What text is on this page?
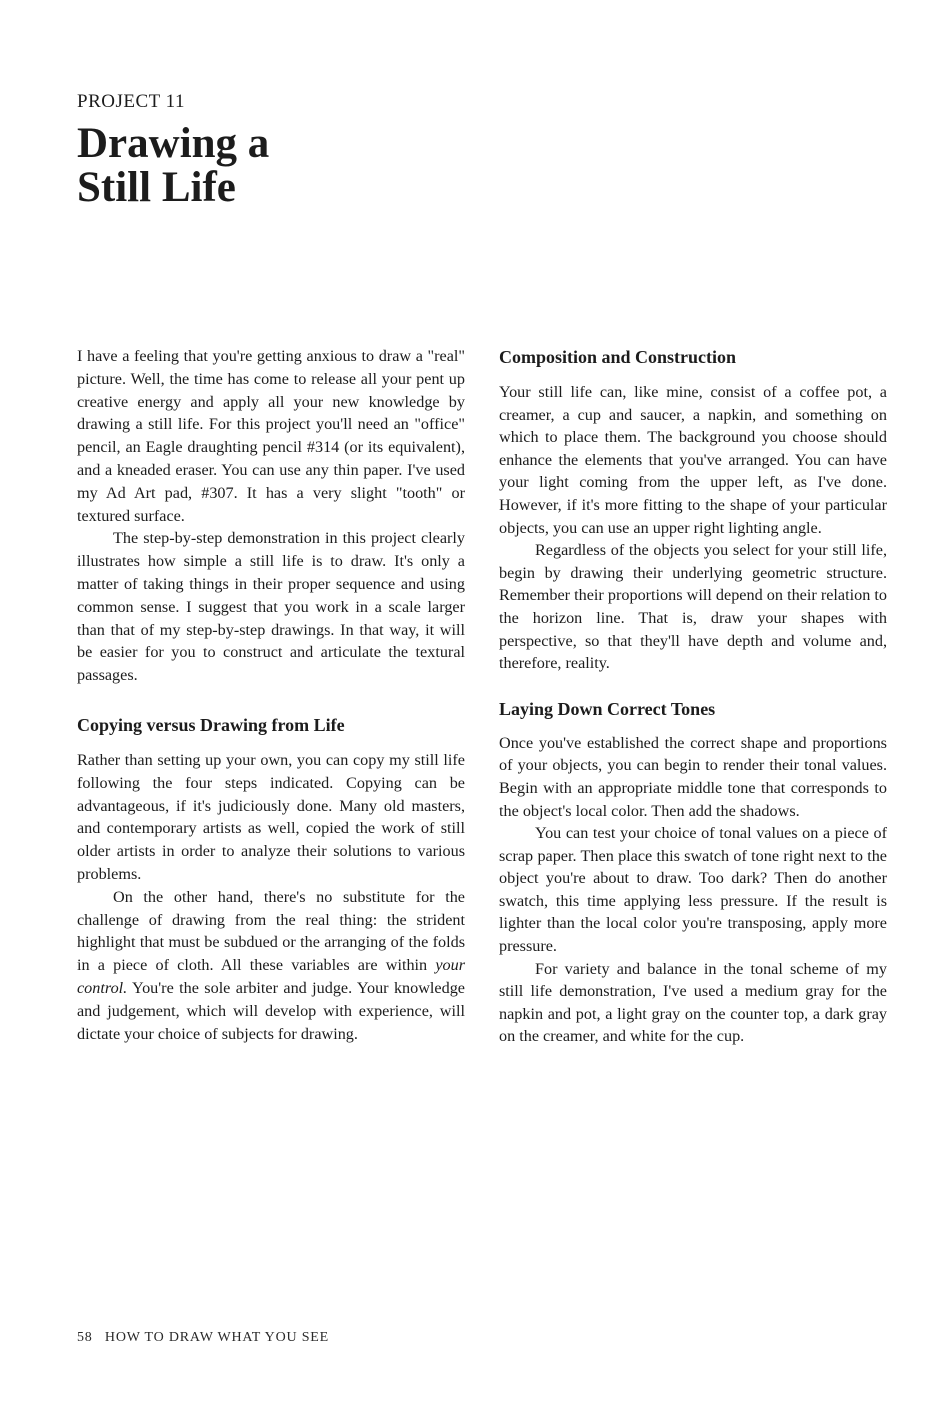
PROJECT 11
Drawing a
Still Life

I have a feeling that you're getting anxious to draw a "real" picture. Well, the time has come to release all your pent up creative energy and apply all your new knowledge by drawing a still life. For this project you'll need an "office" pencil, an Eagle draughting pencil #314 (or its equivalent), and a kneaded eraser. You can use any thin paper. I've used my Ad Art pad, #307. It has a very slight "tooth" or textured surface.

The step-by-step demonstration in this project clearly illustrates how simple a still life is to draw. It's only a matter of taking things in their proper sequence and using common sense. I suggest that you work in a scale larger than that of my step-by-step drawings. In that way, it will be easier for you to construct and articulate the textural passages.

Copying versus Drawing from Life

Rather than setting up your own, you can copy my still life following the four steps indicated. Copying can be advantageous, if it's judiciously done. Many old masters, and contemporary artists as well, copied the work of still older artists in order to analyze their solutions to various problems.

On the other hand, there's no substitute for the challenge of drawing from the real thing: the strident highlight that must be subdued or the arranging of the folds in a piece of cloth. All these variables are within your control. You're the sole arbiter and judge. Your knowledge and judgement, which will develop with experience, will dictate your choice of subjects for drawing.

Composition and Construction

Your still life can, like mine, consist of a coffee pot, a creamer, a cup and saucer, a napkin, and something on which to place them. The background you choose should enhance the elements that you've arranged. You can have your light coming from the upper left, as I've done. However, if it's more fitting to the shape of your particular objects, you can use an upper right lighting angle.

Regardless of the objects you select for your still life, begin by drawing their underlying geometric structure. Remember their proportions will depend on their relation to the horizon line. That is, draw your shapes with perspective, so that they'll have depth and volume and, therefore, reality.

Laying Down Correct Tones

Once you've established the correct shape and proportions of your objects, you can begin to render their tonal values. Begin with an appropriate middle tone that corresponds to the object's local color. Then add the shadows.

You can test your choice of tonal values on a piece of scrap paper. Then place this swatch of tone right next to the object you're about to draw. Too dark? Then do another swatch, this time applying less pressure. If the result is lighter than the local color you're transposing, apply more pressure.

For variety and balance in the tonal scheme of my still life demonstration, I've used a medium gray for the napkin and pot, a light gray on the counter top, a dark gray on the creamer, and white for the cup.

58 HOW TO DRAW WHAT YOU SEE
